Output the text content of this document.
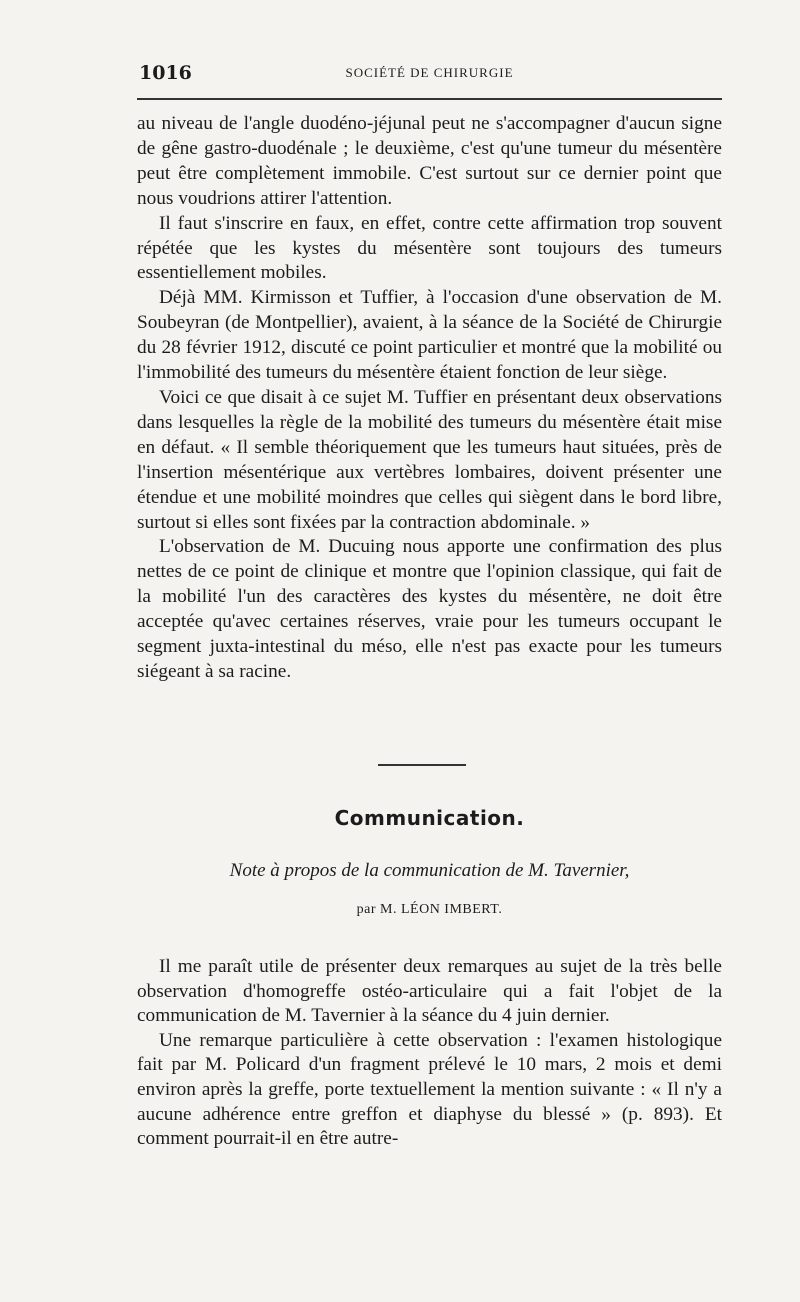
1016	SOCIÉTÉ DE CHIRURGIE

au niveau de l'angle duodéno-jéjunal peut ne s'accompagner d'aucun signe de gêne gastro-duodénale ; le deuxième, c'est qu'une tumeur du mésentère peut être complètement immobile. C'est surtout sur ce dernier point que nous voudrions attirer l'attention.

Il faut s'inscrire en faux, en effet, contre cette affirmation trop souvent répétée que les kystes du mésentère sont toujours des tumeurs essentiellement mobiles.

Déjà MM. Kirmisson et Tuffier, à l'occasion d'une observation de M. Soubeyran (de Montpellier), avaient, à la séance de la Société de Chirurgie du 28 février 1912, discuté ce point particulier et montré que la mobilité ou l'immobilité des tumeurs du mésentère étaient fonction de leur siège.

Voici ce que disait à ce sujet M. Tuffier en présentant deux observations dans lesquelles la règle de la mobilité des tumeurs du mésentère était mise en défaut. « Il semble théoriquement que les tumeurs haut situées, près de l'insertion mésentérique aux vertèbres lombaires, doivent présenter une étendue et une mobilité moindres que celles qui siègent dans le bord libre, surtout si elles sont fixées par la contraction abdominale. »

L'observation de M. Ducuing nous apporte une confirmation des plus nettes de ce point de clinique et montre que l'opinion classique, qui fait de la mobilité l'un des caractères des kystes du mésentère, ne doit être acceptée qu'avec certaines réserves, vraie pour les tumeurs occupant le segment juxta-intestinal du méso, elle n'est pas exacte pour les tumeurs siégeant à sa racine.

Communication.
Note à propos de la communication de M. Tavernier,
par M. LÉON IMBERT.

Il me paraît utile de présenter deux remarques au sujet de la très belle observation d'homogreffe ostéo-articulaire qui a fait l'objet de la communication de M. Tavernier à la séance du 4 juin dernier.

Une remarque particulière à cette observation : l'examen histologique fait par M. Policard d'un fragment prélevé le 10 mars, 2 mois et demi environ après la greffe, porte textuellement la mention suivante : « Il n'y a aucune adhérence entre greffon et diaphyse du blessé » (p. 893). Et comment pourrait-il en être autre-
